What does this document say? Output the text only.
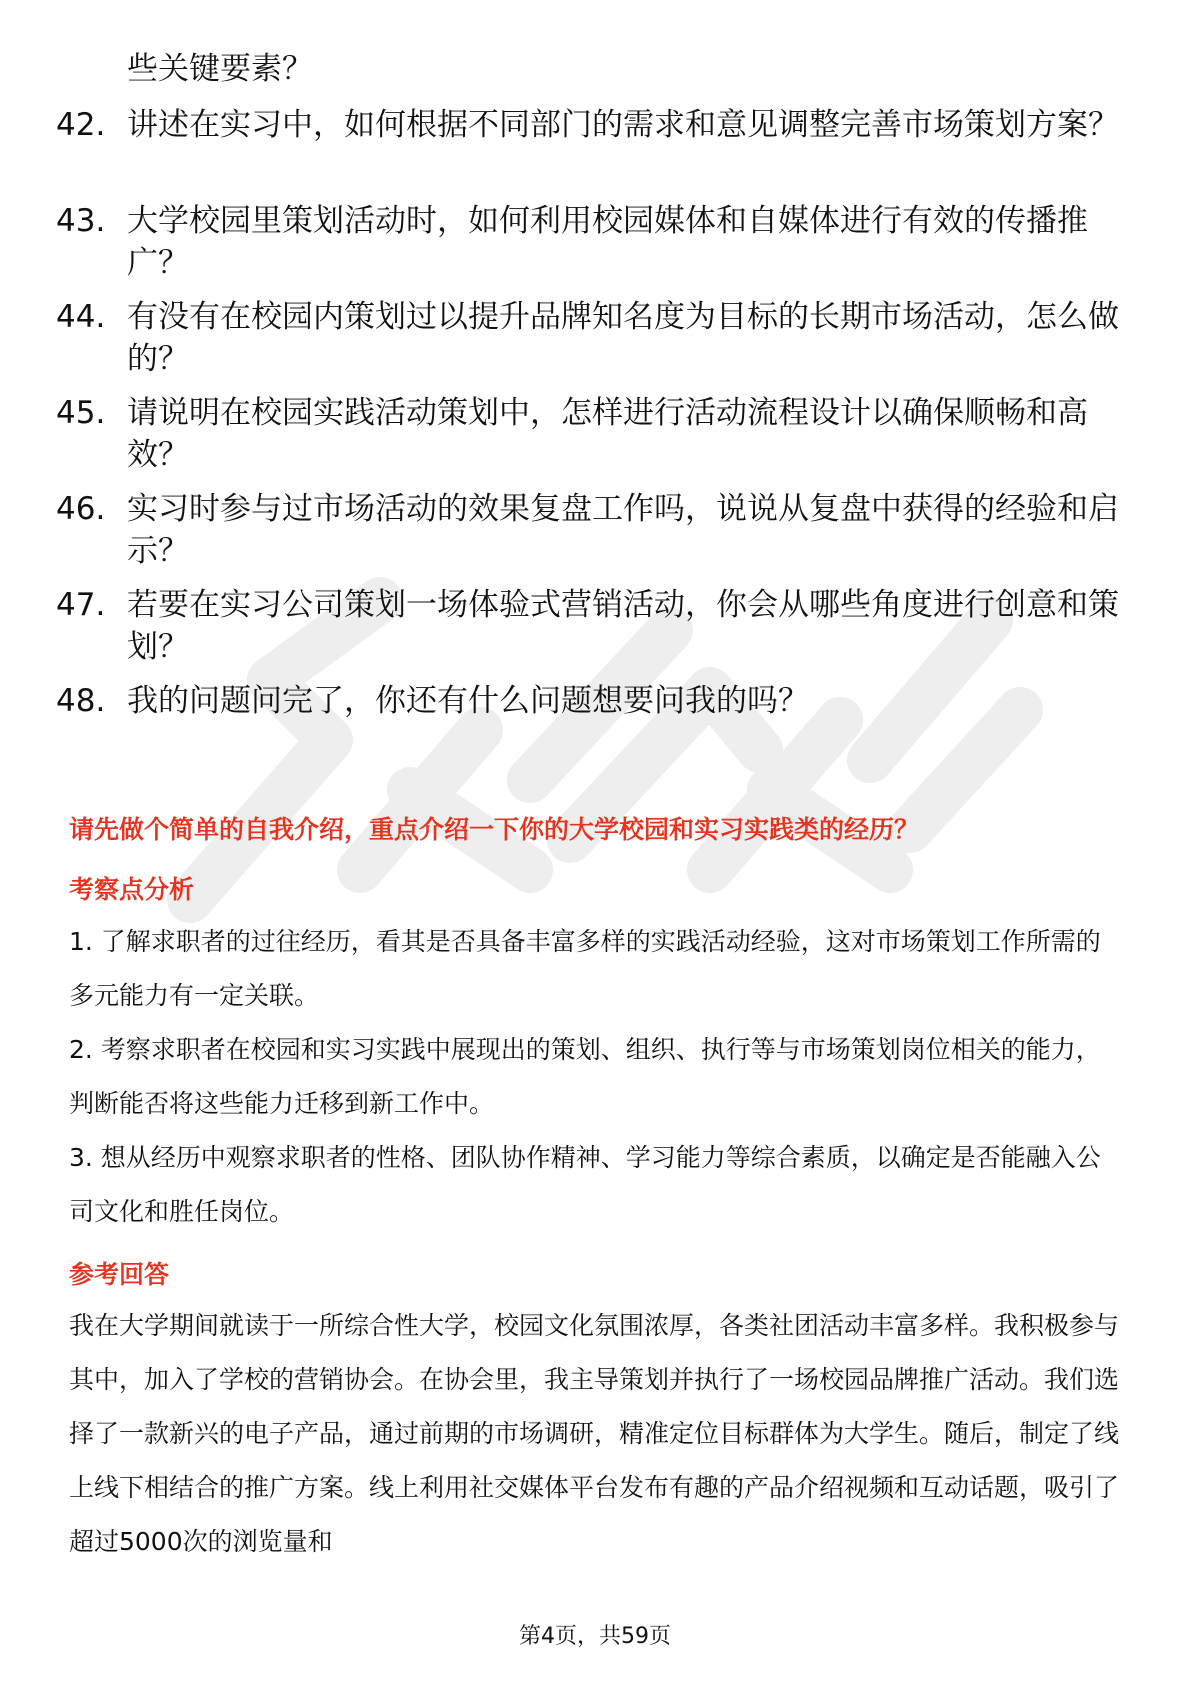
些关键要素？
42. 讲述在实习中，如何根据不同部门的需求和意见调整完善市场策划方案？
43. 大学校园里策划活动时，如何利用校园媒体和自媒体进行有效的传播推广？
44. 有没有在校园内策划过以提升品牌知名度为目标的长期市场活动，怎么做的？
45. 请说明在校园实践活动策划中，怎样进行活动流程设计以确保顺畅和高效？
46. 实习时参与过市场活动的效果复盘工作吗，说说从复盘中获得的经验和启示？
47. 若要在实习公司策划一场体验式营销活动，你会从哪些角度进行创意和策划？
48. 我的问题问完了，你还有什么问题想要问我的吗？
请先做个简单的自我介绍，重点介绍一下你的大学校园和实习实践类的经历？
考察点分析
1. 了解求职者的过往经历，看其是否具备丰富多样的实践活动经验，这对市场策划工作所需的多元能力有一定关联。
2. 考察求职者在校园和实习实践中展现出的策划、组织、执行等与市场策划岗位相关的能力，判断能否将这些能力迁移到新工作中。
3. 想从经历中观察求职者的性格、团队协作精神、学习能力等综合素质，以确定是否能融入公司文化和胜任岗位。
参考回答
我在大学期间就读于一所综合性大学，校园文化氛围浓厚，各类社团活动丰富多样。我积极参与其中，加入了学校的营销协会。在协会里，我主导策划并执行了一场校园品牌推广活动。我们选择了一款新兴的电子产品，通过前期的市场调研，精准定位目标群体为大学生。随后，制定了线上线下相结合的推广方案。线上利用社交媒体平台发布有趣的产品介绍视频和互动话题，吸引了超过5000次的浏览量和
第4页，共59页
